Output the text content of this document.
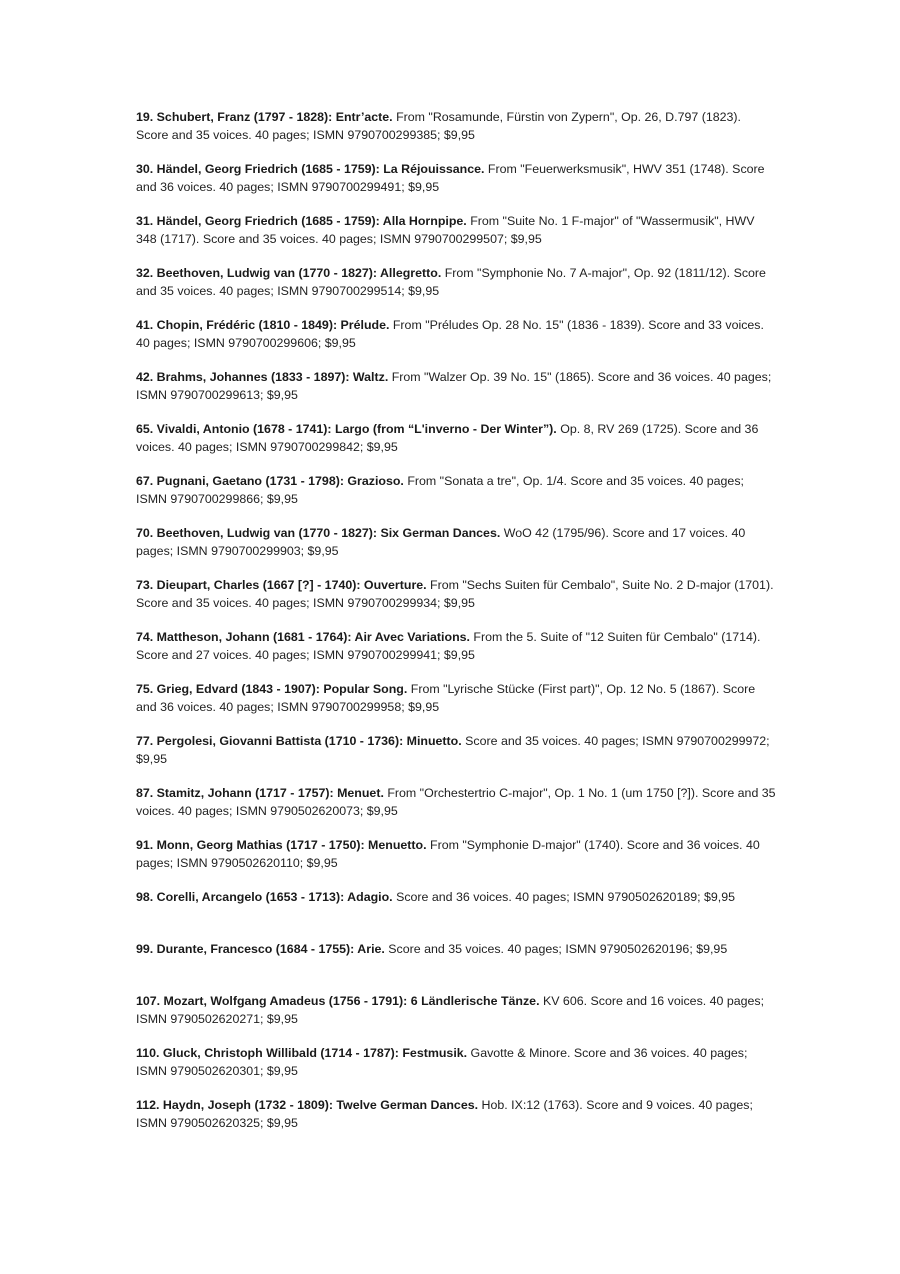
19. Schubert, Franz (1797 - 1828): Entr’acte. From "Rosamunde, Fürstin von Zypern", Op. 26, D.797 (1823). Score and 35 voices. 40 pages; ISMN 9790700299385; $9,95
30. Händel, Georg Friedrich (1685 - 1759): La Réjouissance. From "Feuerwerksmusik", HWV 351 (1748). Score and 36 voices. 40 pages; ISMN 9790700299491; $9,95
31. Händel, Georg Friedrich (1685 - 1759): Alla Hornpipe. From "Suite No. 1 F-major" of "Wassermusik", HWV 348 (1717). Score and 35 voices. 40 pages; ISMN 9790700299507; $9,95
32. Beethoven, Ludwig van (1770 - 1827): Allegretto. From "Symphonie No. 7 A-major", Op. 92 (1811/12). Score and 35 voices. 40 pages; ISMN 9790700299514; $9,95
41. Chopin, Frédéric (1810 - 1849): Prélude. From "Préludes Op. 28 No. 15" (1836 - 1839). Score and 33 voices. 40 pages; ISMN 9790700299606; $9,95
42. Brahms, Johannes (1833 - 1897): Waltz. From "Walzer Op. 39 No. 15" (1865). Score and 36 voices. 40 pages; ISMN 9790700299613; $9,95
65. Vivaldi, Antonio (1678 - 1741): Largo (from “L'inverno - Der Winter”). Op. 8, RV 269 (1725). Score and 36 voices. 40 pages; ISMN 9790700299842; $9,95
67. Pugnani, Gaetano (1731 - 1798): Grazioso. From "Sonata a tre", Op. 1/4. Score and 35 voices. 40 pages; ISMN 9790700299866; $9,95
70. Beethoven, Ludwig van (1770 - 1827): Six German Dances. WoO 42 (1795/96). Score and 17 voices. 40 pages; ISMN 9790700299903; $9,95
73. Dieupart, Charles (1667 [?] - 1740): Ouverture. From "Sechs Suiten für Cembalo", Suite No. 2 D-major (1701). Score and 35 voices. 40 pages; ISMN 9790700299934; $9,95
74. Mattheson, Johann (1681 - 1764): Air Avec Variations. From the 5. Suite of "12 Suiten für Cembalo" (1714). Score and 27 voices. 40 pages; ISMN 9790700299941; $9,95
75. Grieg, Edvard (1843 - 1907): Popular Song. From "Lyrische Stücke (First part)", Op. 12 No. 5 (1867). Score and 36 voices. 40 pages; ISMN 9790700299958; $9,95
77. Pergolesi, Giovanni Battista (1710 - 1736): Minuetto. Score and 35 voices. 40 pages; ISMN 9790700299972; $9,95
87. Stamitz, Johann (1717 - 1757): Menuet. From "Orchestertrio C-major", Op. 1 No. 1 (um 1750 [?]). Score and 35 voices. 40 pages; ISMN 9790502620073; $9,95
91. Monn, Georg Mathias (1717 - 1750): Menuetto. From "Symphonie D-major" (1740). Score and 36 voices. 40 pages; ISMN 9790502620110; $9,95
98. Corelli, Arcangelo (1653 - 1713): Adagio. Score and 36 voices. 40 pages; ISMN 9790502620189; $9,95
99. Durante, Francesco (1684 - 1755): Arie. Score and 35 voices. 40 pages; ISMN 9790502620196; $9,95
107. Mozart, Wolfgang Amadeus (1756 - 1791): 6 Ländlerische Tänze. KV 606. Score and 16 voices. 40 pages; ISMN 9790502620271; $9,95
110. Gluck, Christoph Willibald (1714 - 1787): Festmusik. Gavotte & Minore. Score and 36 voices. 40 pages; ISMN 9790502620301; $9,95
112. Haydn, Joseph (1732 - 1809): Twelve German Dances. Hob. IX:12 (1763). Score and 9 voices. 40 pages; ISMN 9790502620325; $9,95
